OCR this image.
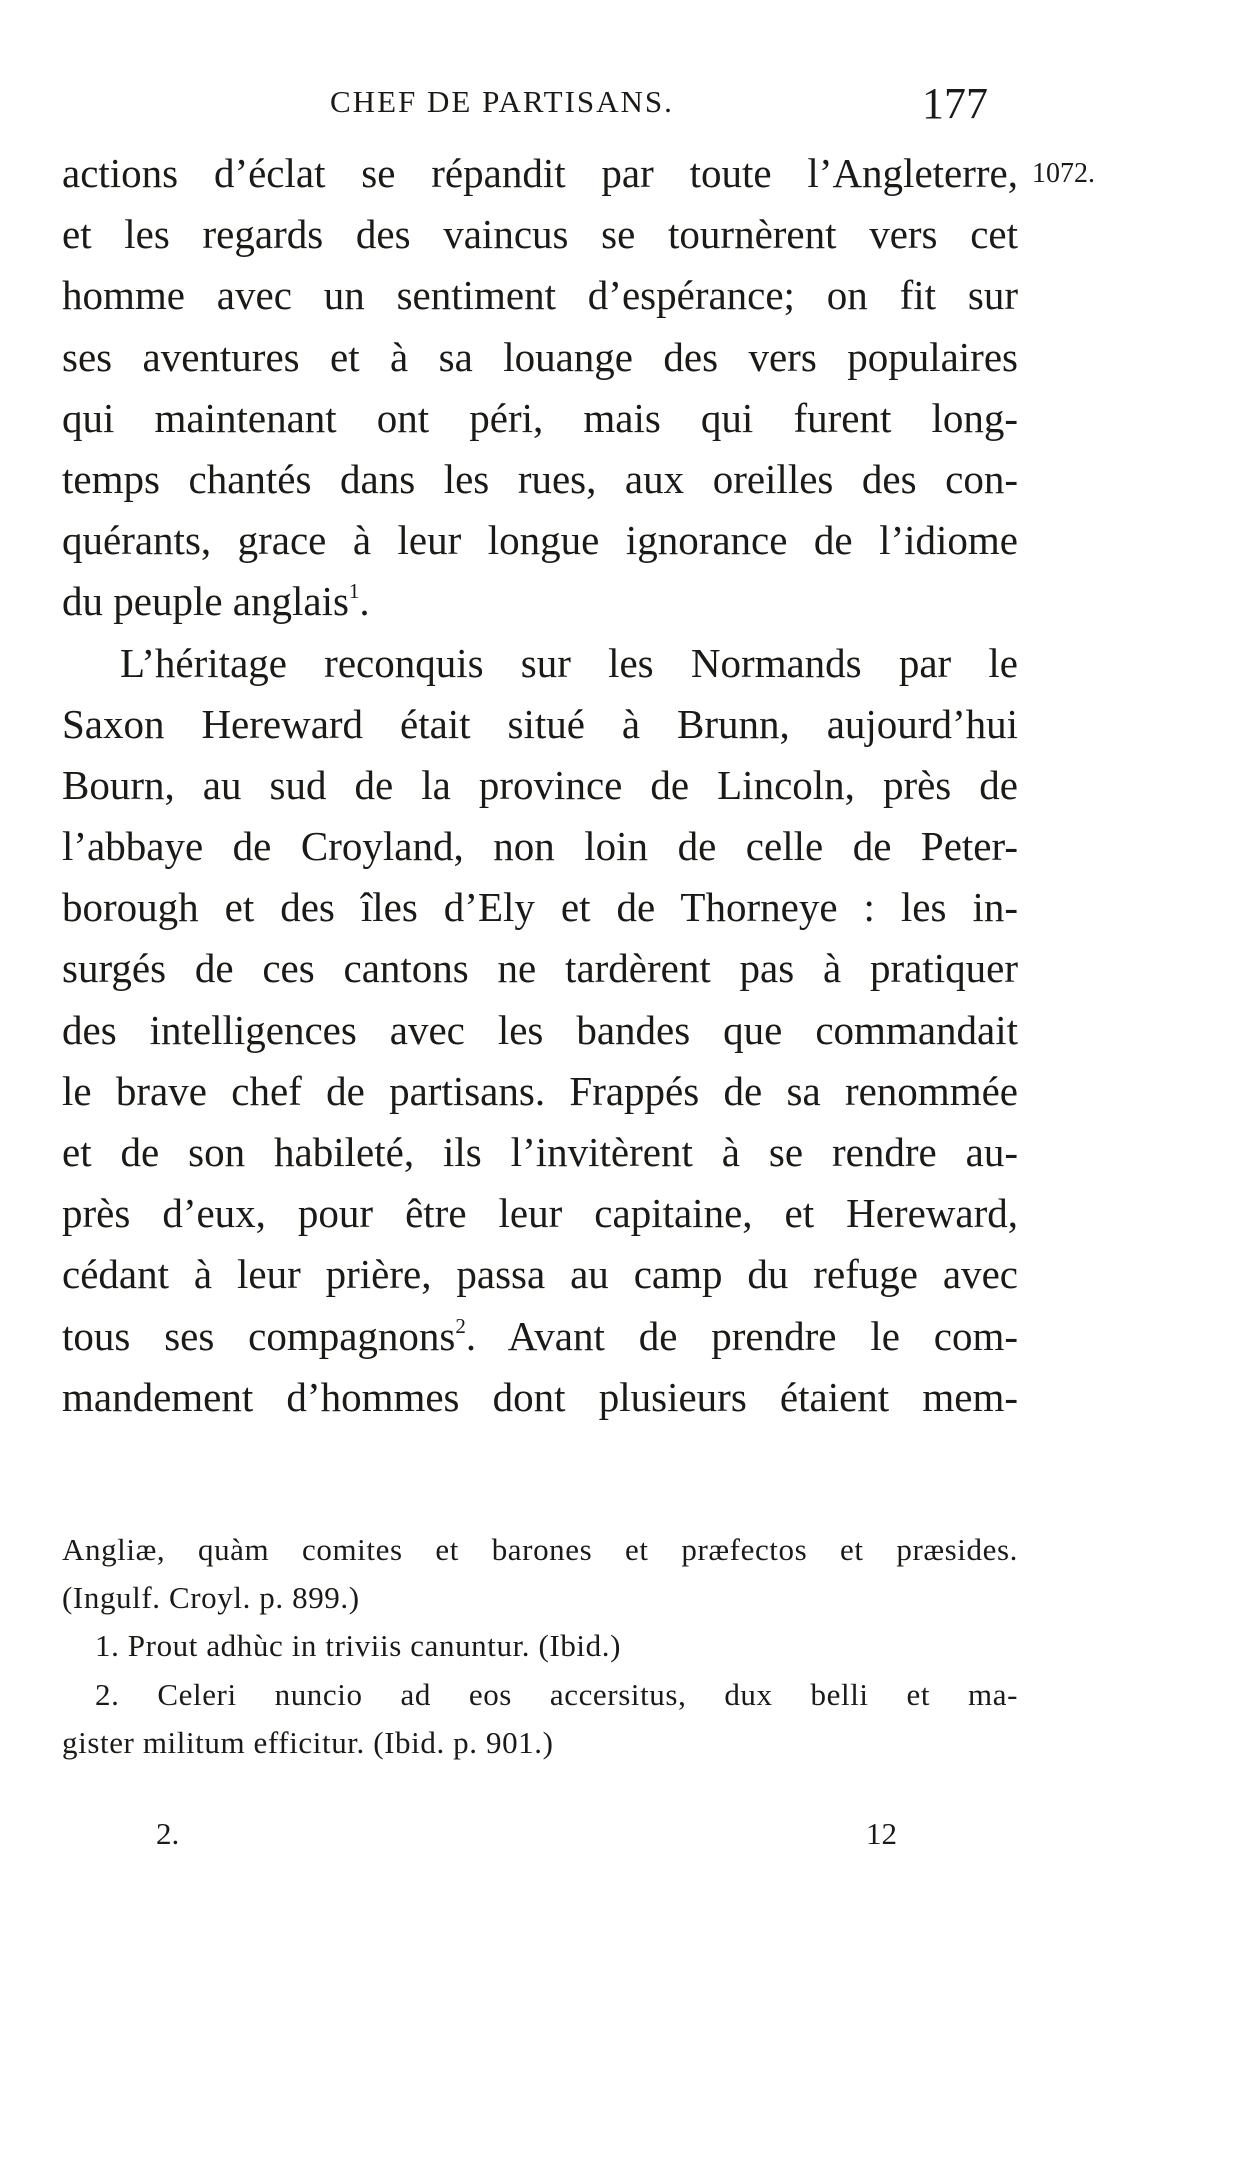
CHEF DE PARTISANS.	177
1072.
actions d’éclat se répandit par toute l’Angleterre,
et les regards des vaincus se tournèrent vers cet
homme avec un sentiment d’espérance; on fit sur
ses aventures et à sa louange des vers populaires
qui maintenant ont péri, mais qui furent long-
temps chantés dans les rues, aux oreilles des con-
quérants, grace à leur longue ignorance de l’idiome
du peuple anglais$^1$.
L’héritage reconquis sur les Normands par le
Saxon Hereward était situé à Brunn, aujourd’hui
Bourn, au sud de la province de Lincoln, près de
l’abbaye de Croyland, non loin de celle de Peter-
borough et des îles d’Ely et de Thorneye : les in-
surgés de ces cantons ne tardèrent pas à pratiquer
des intelligences avec les bandes que commandait
le brave chef de partisans. Frappés de sa renommée
et de son habileté, ils l’invitèrent à se rendre au-
près d’eux, pour être leur capitaine, et Hereward,
cédant à leur prière, passa au camp du refuge avec
tous ses compagnons$^2$. Avant de prendre le com-
mandement d’hommes dont plusieurs étaient mem-
Angliæ, quàm comites et barones et præfectos et præsides.
(Ingulf. Croyl. p. 899.)
1. Prout adhùc in triviis canuntur. (Ibid.)
2. Celeri nuncio ad eos accersitus, dux belli et ma-
gister militum efficitur. (Ibid. p. 901.)
2.	12
